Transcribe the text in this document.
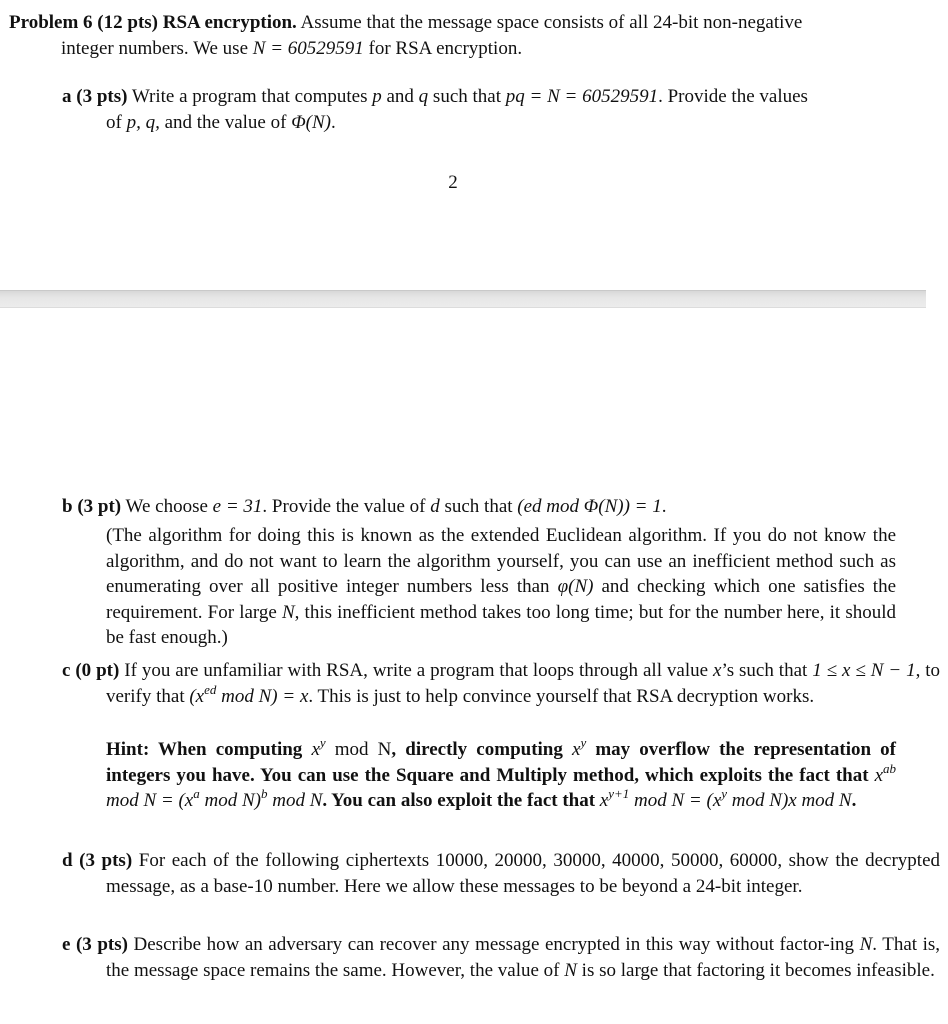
Problem 6 (12 pts) RSA encryption. Assume that the message space consists of all 24-bit non-negative
integer numbers. We use N = 60529591 for RSA encryption.
a (3 pts) Write a program that computes p and q such that pq = N = 60529591. Provide the values
of p, q, and the value of Φ(N).
2
b (3 pt) We choose e = 31. Provide the value of d such that (ed mod Φ(N)) = 1.
(The algorithm for doing this is known as the extended Euclidean algorithm. If you do not know the algorithm, and do not want to learn the algorithm yourself, you can use an inefficient method such as enumerating over all positive integer numbers less than φ(N) and checking which one satisfies the requirement. For large N, this inefficient method takes too long time; but for the number here, it should be fast enough.)
c (0 pt) If you are unfamiliar with RSA, write a program that loops through all value x’s such that 1 ≤ x ≤ N − 1, to verify that ($x^{ed}$ mod N) = x. This is just to help convince yourself that RSA decryption works.
Hint: When computing $x^y$ mod N, directly computing $x^y$ may overflow the representation of integers you have. You can use the Square and Multiply method, which exploits the fact that $x^{ab}$ mod $N = (x^a$ mod N)$^b$ mod N. You can also exploit the fact that $x^{y+1}$ mod $N = (x^y$ mod N)x mod N.
d (3 pts) For each of the following ciphertexts 10000, 20000, 30000, 40000, 50000, 60000, show the decrypted message, as a base-10 number. Here we allow these messages to be beyond a 24-bit integer.
e (3 pts) Describe how an adversary can recover any message encrypted in this way without factor-ing N. That is, the message space remains the same. However, the value of N is so large that factoring it becomes infeasible.
